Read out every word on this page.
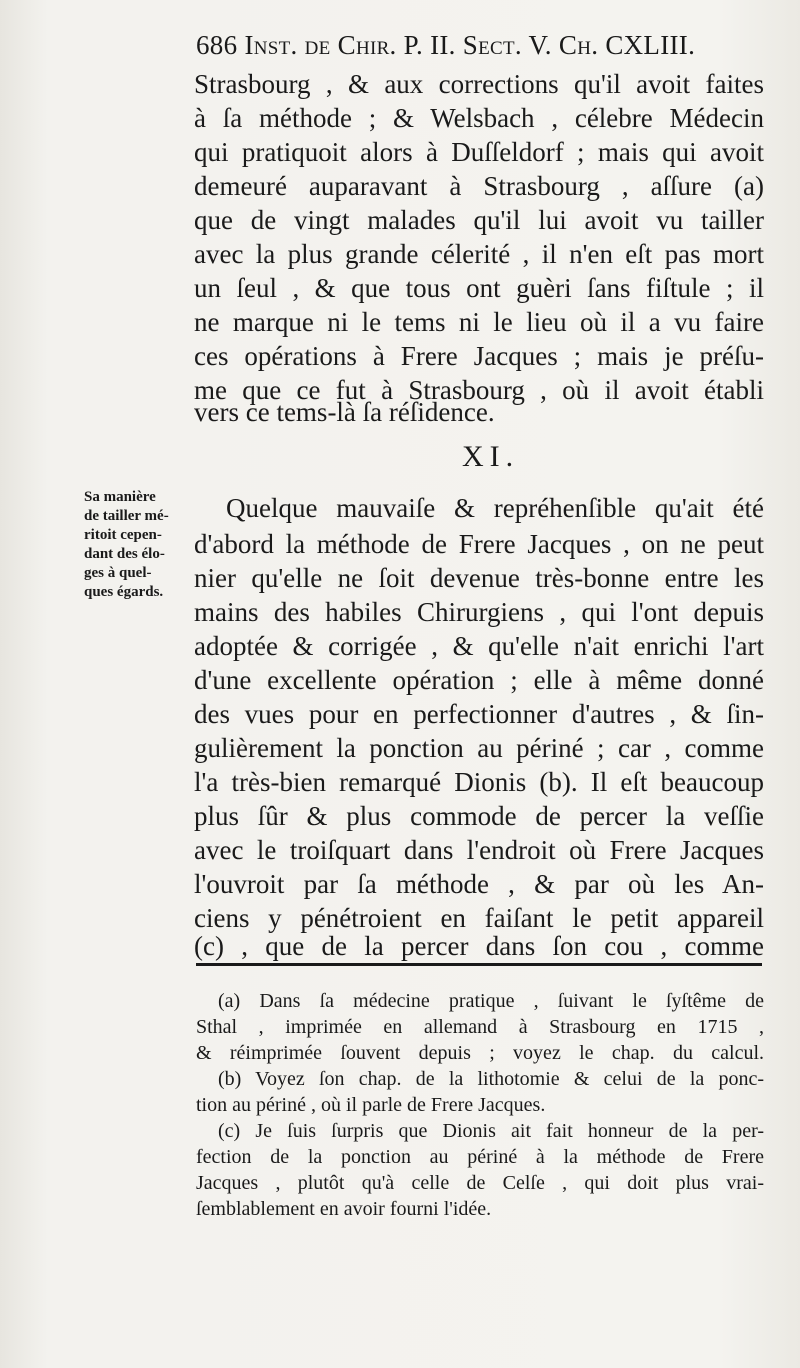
686 Inst. de Chir. P. II. Sect. V. Ch. CXLIII.
Strasbourg , & aux corrections qu'il avoit faites
à ſa méthode ; & Welsbach , célebre Médecin
qui pratiquoit alors à Duſſeldorf ; mais qui avoit
demeuré auparavant à Strasbourg , aſſure (a)
que de vingt malades qu'il lui avoit vu tailler
avec la plus grande célerité , il n'en eſt pas mort
un ſeul , & que tous ont guèri ſans fiſtule ; il
ne marque ni le tems ni le lieu où il a vu faire
ces opérations à Frere Jacques ; mais je préſu-
me que ce fut à Strasbourg , où il avoit établi
vers ce tems-là ſa réſidence.
XI.
Sa manière
de tailler mé-
ritoit cepen-
dant des élo-
ges à quel-
ques égards.
Quelque mauvaiſe & repréhenſible qu'ait été
d'abord la méthode de Frere Jacques , on ne peut
nier qu'elle ne ſoit devenue très-bonne entre les
mains des habiles Chirurgiens , qui l'ont depuis
adoptée & corrigée , & qu'elle n'ait enrichi l'art
d'une excellente opération ; elle à même donné
des vues pour en perfectionner d'autres , & ſin-
gulièrement la ponction au périné ; car , comme
l'a très-bien remarqué Dionis (b). Il eſt beaucoup
plus ſûr & plus commode de percer la veſſie
avec le troiſquart dans l'endroit où Frere Jacques
l'ouvroit par ſa méthode , & par où les An-
ciens y pénétroient en faiſant le petit appareil
(c) , que de la percer dans ſon cou , comme
(a) Dans ſa médecine pratique , ſuivant le ſyſtême de
Sthal , imprimée en allemand à Strasbourg en 1715 ,
& réimprimée ſouvent depuis ; voyez le chap. du calcul.
(b) Voyez ſon chap. de la lithotomie & celui de la ponc-
tion au périné , où il parle de Frere Jacques.
(c) Je ſuis ſurpris que Dionis ait fait honneur de la per-
fection de la ponction au périné à la méthode de Frere
Jacques , plutôt qu'à celle de Celſe , qui doit plus vrai-
ſemblablement en avoir fourni l'idée.
